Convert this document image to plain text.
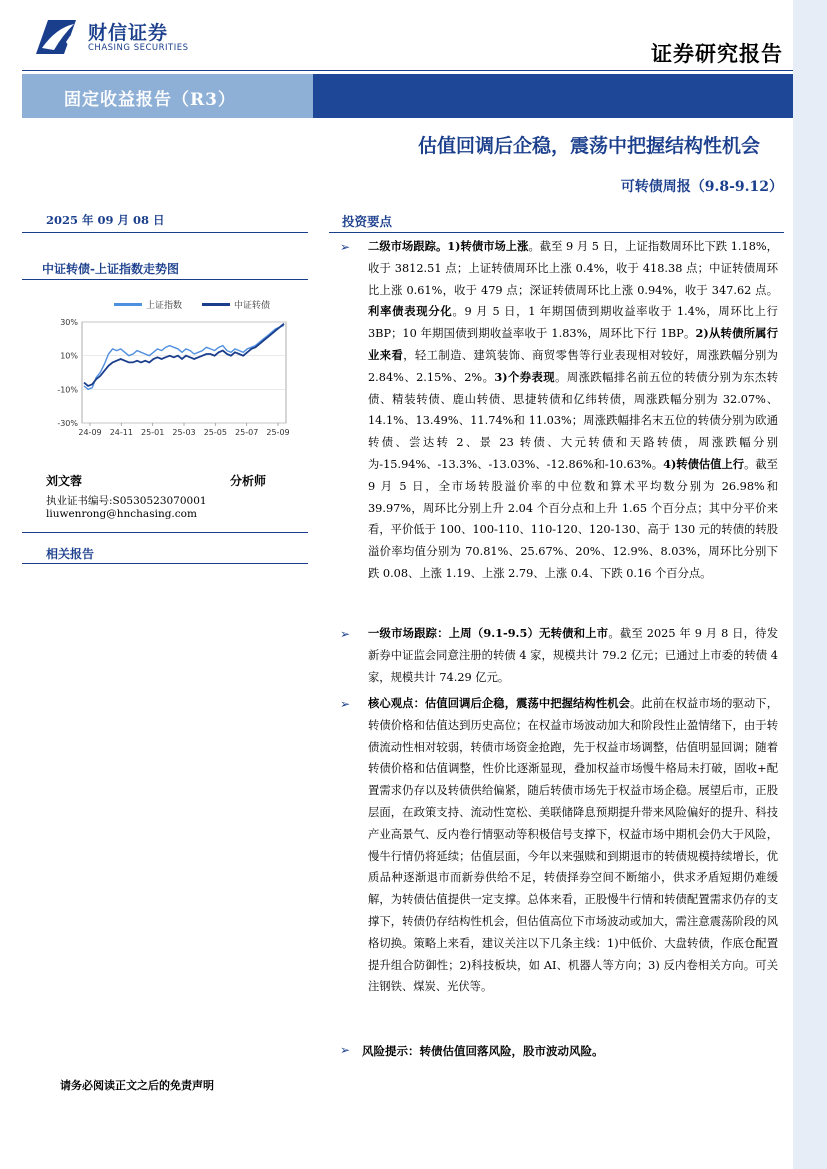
财信证券
CHASING SECURITIES	证券研究报告
固定收益报告（R3）
估值回调后企稳，震荡中把握结构性机会
可转债周报（9.8-9.12）
2025 年 09 月 08 日
中证转债-上证指数走势图
上证指数	中证转债
30%
10%
-10%
-30%
24-09 24-11 25-01 25-03 25-05 25-07 25-09
刘文蓉	分析师
执业证书编号:S0530523070001
liuwenrong@hnchasing.com
相关报告
投资要点
➢ 二级市场跟踪。1)转债市场上涨。截至 9 月 5 日，上证指数周环比下跌 1.18%，收于 3812.51 点；上证转债周环比上涨 0.4%，收于 418.38 点；中证转债周环比上涨 0.61%，收于 479 点；深证转债周环比上涨 0.94%，收于 347.62 点。利率债表现分化。9 月 5 日，1 年期国债到期收益率收于 1.4%，周环比上行 3BP；10 年期国债到期收益率收于 1.83%，周环比下行 1BP。2)从转债所属行业来看，轻工制造、建筑装饰、商贸零售等行业表现相对较好，周涨跌幅分别为 2.84%、2.15%、2%。3)个券表现。周涨跌幅排名前五位的转债分别为东杰转债、精装转债、鹿山转债、思捷转债和亿纬转债，周涨跌幅分别为 32.07%、14.1%、13.49%、11.74%和 11.03%；周涨跌幅排名末五位的转债分别为欧通转债、尝达转 2、景 23 转债、大元转债和天路转债，周涨跌幅分别为-15.94%、-13.3%、-13.03%、-12.86%和-10.63%。4)转债估值上行。截至 9 月 5 日，全市场转股溢价率的中位数和算术平均数分别为 26.98%和 39.97%，周环比分别上升 2.04 个百分点和上升 1.65 个百分点；其中分平价来看，平价低于 100、100-110、110-120、120-130、高于 130 元的转债的转股溢价率均值分别为 70.81%、25.67%、20%、12.9%、8.03%，周环比分别下跌 0.08、上涨 1.19、上涨 2.79、上涨 0.4、下跌 0.16 个百分点。
➢ 一级市场跟踪：上周（9.1-9.5）无转债和上市。截至 2025 年 9 月 8 日，待发新券中证监会同意注册的转债 4 家，规模共计 79.2 亿元；已通过上市委的转债 4 家，规模共计 74.29 亿元。
➢ 核心观点：估值回调后企稳，震荡中把握结构性机会。此前在权益市场的驱动下，转债价格和估值达到历史高位；在权益市场波动加大和阶段性止盈情绪下，由于转债流动性相对较弱，转债市场资金抢跑，先于权益市场调整，估值明显回调；随着转债价格和估值调整，性价比逐渐显现，叠加权益市场慢牛格局未打破，固收+配置需求仍存以及转债供给偏紧，随后转债市场先于权益市场企稳。展望后市，正股层面，在政策支持、流动性宽松、美联储降息预期提升带来风险偏好的提升、科技产业高景气、反内卷行情驱动等积极信号支撑下，权益市场中期机会仍大于风险，慢牛行情仍将延续；估值层面，今年以来强赎和到期退市的转债规模持续增长，优质品种逐渐退市而新券供给不足，转债择券空间不断缩小，供求矛盾短期仍难缓解，为转债估值提供一定支撑。总体来看，正股慢牛行情和转债配置需求仍存的支撑下，转债仍存结构性机会，但估值高位下市场波动或加大，需注意震荡阶段的风格切换。策略上来看，建议关注以下几条主线：1)中低价、大盘转债，作底仓配置提升组合防御性；2)科技板块，如 AI、机器人等方向；3) 反内卷相关方向。可关注钢铁、煤炭、光伏等。
➢ 风险提示：转债估值回落风险，股市波动风险。
请务必阅读正文之后的免责声明
